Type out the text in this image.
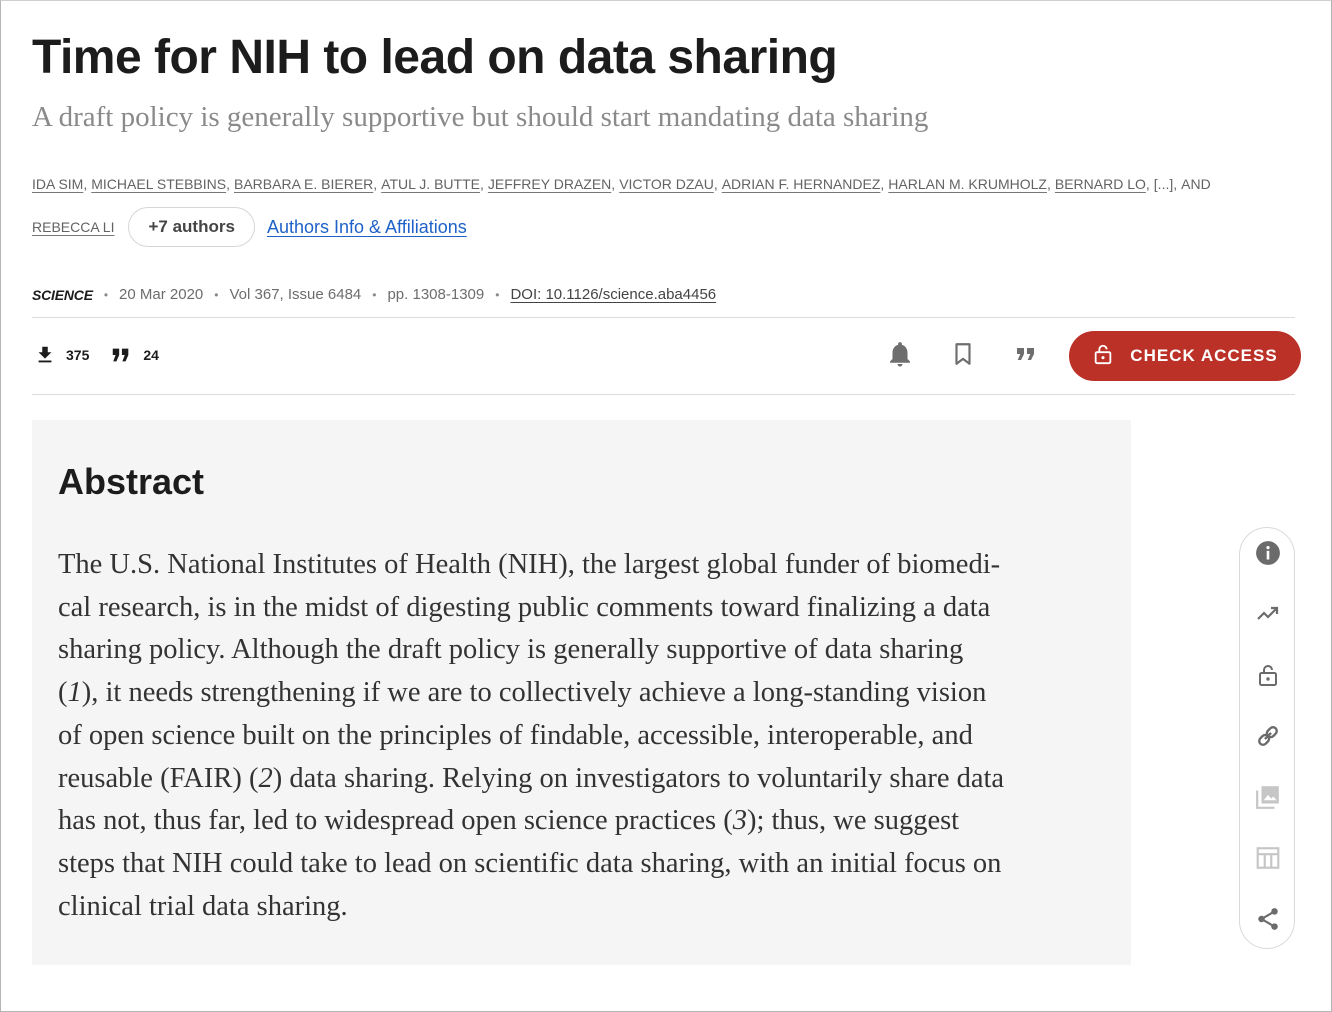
Time for NIH to lead on data sharing
A draft policy is generally supportive but should start mandating data sharing
IDA SIM , MICHAEL STEBBINS , BARBARA E. BIERER , ATUL J. BUTTE , JEFFREY DRAZEN , VICTOR DZAU , ADRIAN F. HERNANDEZ , HARLAN M. KRUMHOLZ , BERNARD LO , [...] , AND
REBECCA LI	+7 authors	Authors Info & Affiliations
SCIENCE • 20 Mar 2020 • Vol 367, Issue 6484 • pp. 1308-1309 • DOI: 10.1126/science.aba4456
375	24	CHECK ACCESS
Abstract
The U.S. National Institutes of Health (NIH), the largest global funder of biomedi-
cal research, is in the midst of digesting public comments toward finalizing a data
sharing policy. Although the draft policy is generally supportive of data sharing
(1), it needs strengthening if we are to collectively achieve a long-standing vision
of open science built on the principles of findable, accessible, interoperable, and
reusable (FAIR) (2) data sharing. Relying on investigators to voluntarily share data
has not, thus far, led to widespread open science practices (3); thus, we suggest
steps that NIH could take to lead on scientific data sharing, with an initial focus on
clinical trial data sharing.
